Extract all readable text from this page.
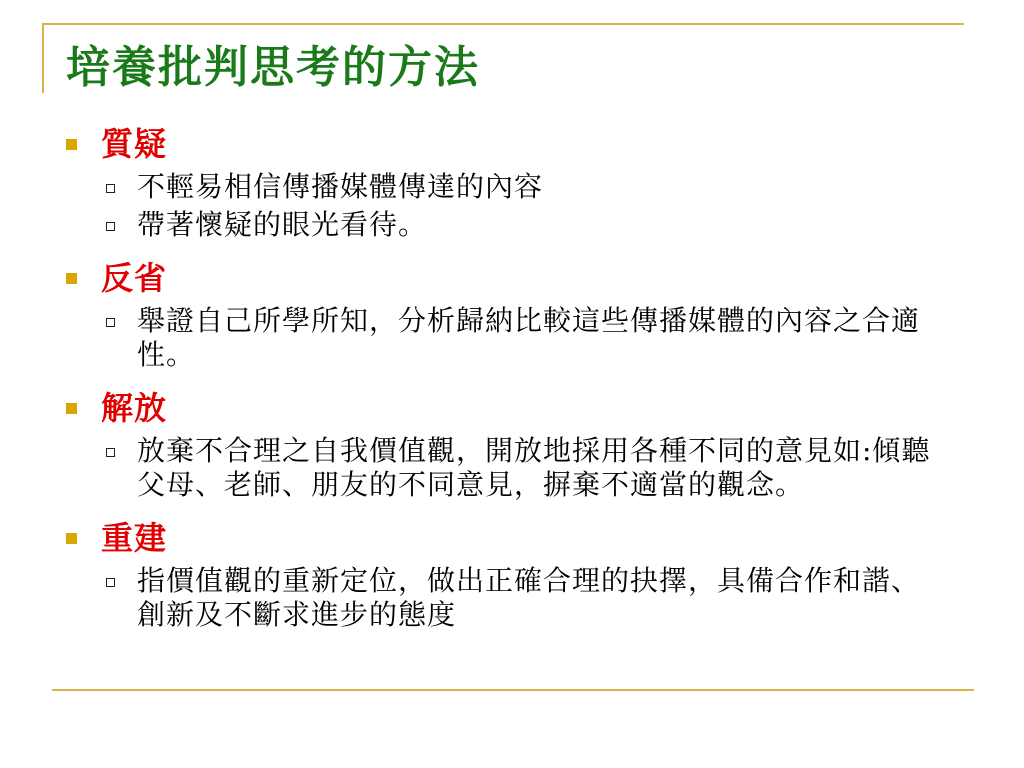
培養批判思考的方法
質疑
不輕易相信傳播媒體傳達的內容
帶著懷疑的眼光看待。
反省
舉證自己所學所知，分析歸納比較這些傳播媒體的內容之合適性。
解放
放棄不合理之自我價值觀，開放地採用各種不同的意見如:傾聽父母、老師、朋友的不同意見，摒棄不適當的觀念。
重建
指價值觀的重新定位，做出正確合理的抉擇，具備合作和諧、創新及不斷求進步的態度
